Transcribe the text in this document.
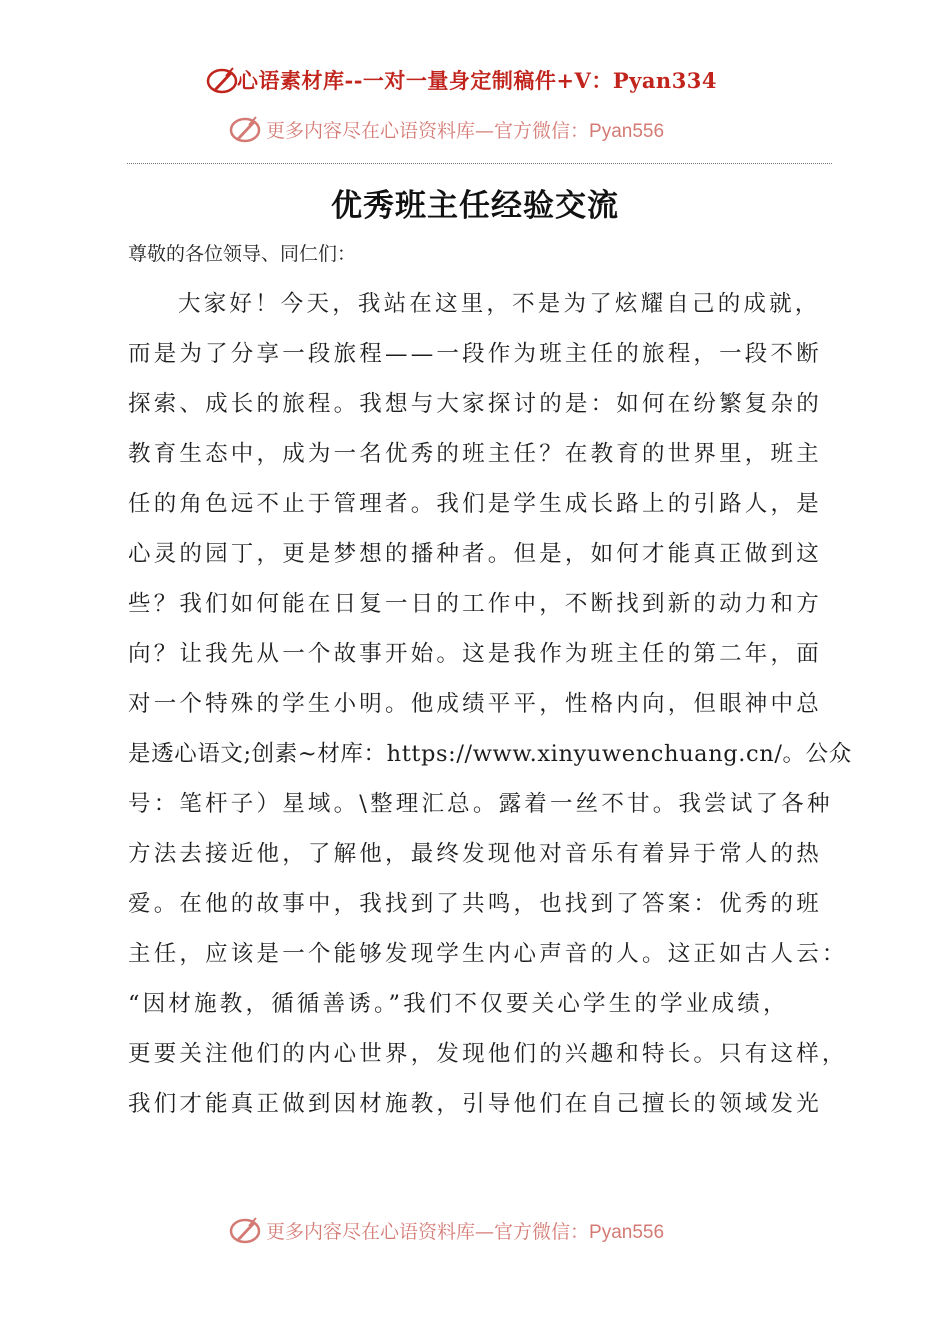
心语素材库--一对一量身定制稿件+V：Pyan334
更多内容尽在心语资料库—官方微信：Pyan556
优秀班主任经验交流
尊敬的各位领导、同仁们：
大家好！今天，我站在这里，不是为了炫耀自己的成就，
而是为了分享一段旅程——一段作为班主任的旅程，一段不断
探索、成长的旅程。我想与大家探讨的是：如何在纷繁复杂的
教育生态中，成为一名优秀的班主任？在教育的世界里，班主
任的角色远不止于管理者。我们是学生成长路上的引路人，是
心灵的园丁，更是梦想的播种者。但是，如何才能真正做到这
些？我们如何能在日复一日的工作中，不断找到新的动力和方
向？让我先从一个故事开始。这是我作为班主任的第二年，面
对一个特殊的学生小明。他成绩平平，性格内向，但眼神中总
是透心语文;创素~材库：https://www.xinyuwenchuang.cn/。公众
号：笔杆子）星域。\整理汇总。露着一丝不甘。我尝试了各种
方法去接近他，了解他，最终发现他对音乐有着异于常人的热
爱。在他的故事中，我找到了共鸣，也找到了答案：优秀的班
主任，应该是一个能够发现学生内心声音的人。这正如古人云：
“因材施教，循循善诱。”我们不仅要关心学生的学业成绩，
更要关注他们的内心世界，发现他们的兴趣和特长。只有这样，
我们才能真正做到因材施教，引导他们在自己擅长的领域发光
更多内容尽在心语资料库—官方微信：Pyan556
